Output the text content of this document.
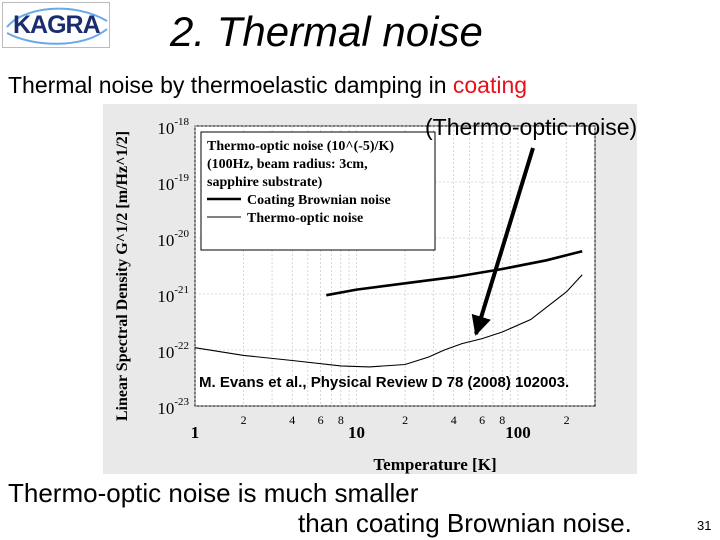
KAGRA 2. Thermal noise
Thermal noise by thermoelastic damping in coating
$10^{-18}$
$10^{-19}$
$10^{-20}$
$10^{-21}$
$10^{-22}$
$10^{-23}$
1
2	4 6 8
10
2	4 6 8
100
2
Temperature [K]
Linear Spectral Density G^1/2 [m/Hz^1/2]	Thermo-optic noise (10^(-5)/K)
(100Hz, beam radius: 3cm,
sapphire substrate)
Coating Brownian noise
Thermo-optic noise
M. Evans et al., Physical Review D 78 (2008) 102003.
(Thermo-optic noise)
Thermo-optic noise is much smaller
than coating Brownian noise.	31
